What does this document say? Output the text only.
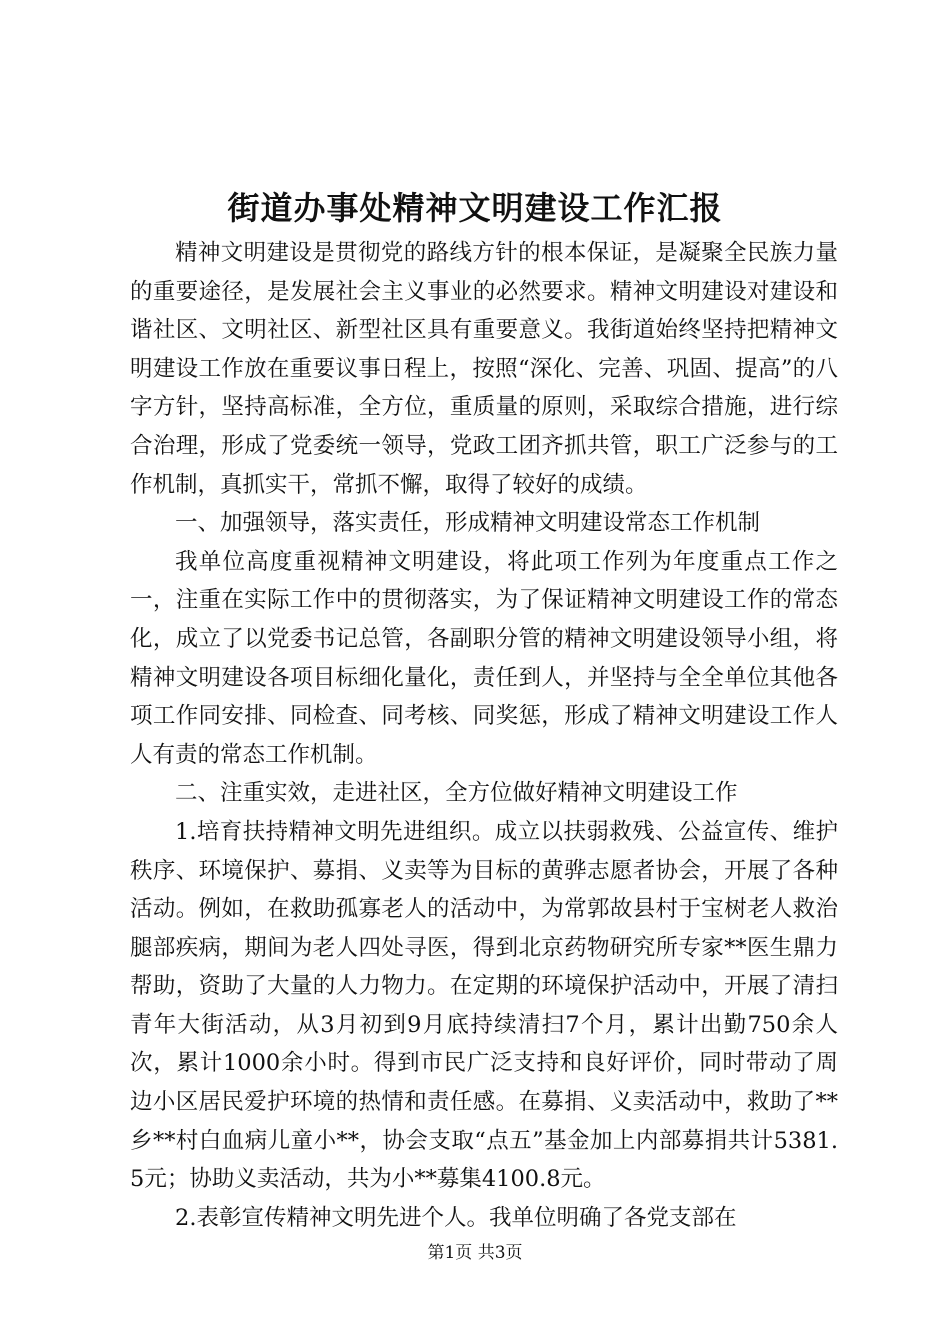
街道办事处精神文明建设工作汇报

精神文明建设是贯彻党的路线方针的根本保证，是凝聚全民族力量的重要途径，是发展社会主义事业的必然要求。精神文明建设对建设和谐社区、文明社区、新型社区具有重要意义。我街道始终坚持把精神文明建设工作放在重要议事日程上，按照“深化、完善、巩固、提高”的八字方针，坚持高标准，全方位，重质量的原则，采取综合措施，进行综合治理，形成了党委统一领导，党政工团齐抓共管，职工广泛参与的工作机制，真抓实干，常抓不懈，取得了较好的成绩。

一、加强领导，落实责任，形成精神文明建设常态工作机制

我单位高度重视精神文明建设，将此项工作列为年度重点工作之一，注重在实际工作中的贯彻落实，为了保证精神文明建设工作的常态化，成立了以党委书记总管，各副职分管的精神文明建设领导小组，将精神文明建设各项目标细化量化，责任到人，并坚持与全全单位其他各项工作同安排、同检查、同考核、同奖惩，形成了精神文明建设工作人人有责的常态工作机制。

二、注重实效，走进社区，全方位做好精神文明建设工作

1.培育扶持精神文明先进组织。成立以扶弱救残、公益宣传、维护秩序、环境保护、募捐、义卖等为目标的黄骅志愿者协会，开展了各种活动。例如，在救助孤寡老人的活动中，为常郭故县村于宝树老人救治腿部疾病，期间为老人四处寻医，得到北京药物研究所专家**医生鼎力帮助，资助了大量的人力物力。在定期的环境保护活动中，开展了清扫青年大街活动，从3月初到9月底持续清扫7个月，累计出勤750余人次，累计1000余小时。得到市民广泛支持和良好评价，同时带动了周边小区居民爱护环境的热情和责任感。在募捐、义卖活动中，救助了**乡**村白血病儿童小**，协会支取“点五”基金加上内部募捐共计5381.5元；协助义卖活动，共为小**募集4100.8元。

2.表彰宣传精神文明先进个人。我单位明确了各党支部在

第1页 共3页
